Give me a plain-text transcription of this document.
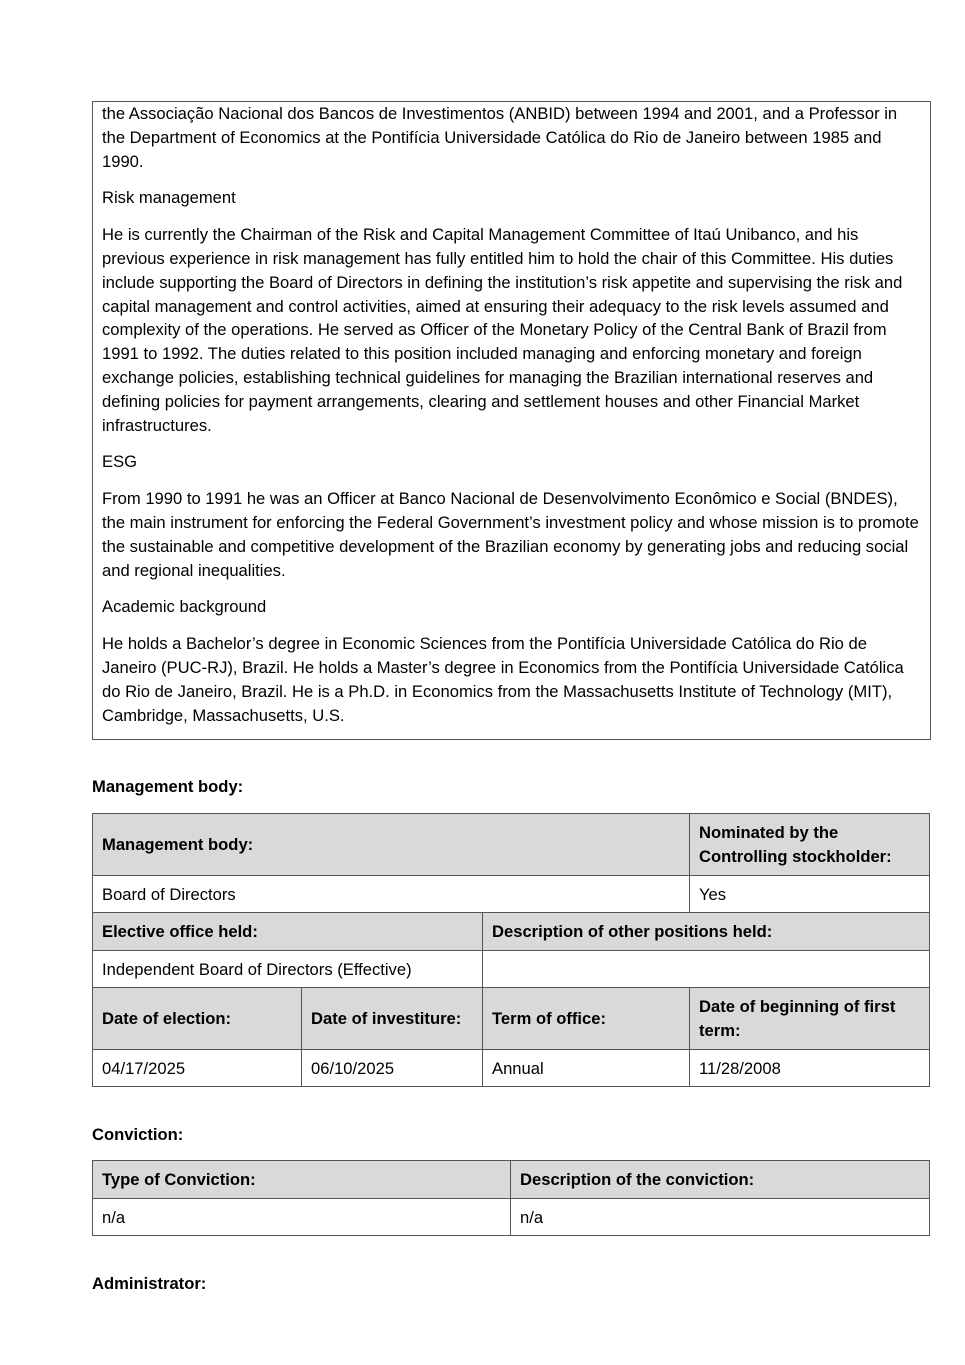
the Associação Nacional dos Bancos de Investimentos (ANBID) between 1994 and 2001, and a Professor in the Department of Economics at the Pontifícia Universidade Católica do Rio de Janeiro between 1985 and 1990.

Risk management

He is currently the Chairman of the Risk and Capital Management Committee of Itaú Unibanco, and his previous experience in risk management has fully entitled him to hold the chair of this Committee. His duties include supporting the Board of Directors in defining the institution’s risk appetite and supervising the risk and capital management and control activities, aimed at ensuring their adequacy to the risk levels assumed and complexity of the operations. He served as Officer of the Monetary Policy of the Central Bank of Brazil from 1991 to 1992. The duties related to this position included managing and enforcing monetary and foreign exchange policies, establishing technical guidelines for managing the Brazilian international reserves and defining policies for payment arrangements, clearing and settlement houses and other Financial Market infrastructures.

ESG

From 1990 to 1991 he was an Officer at Banco Nacional de Desenvolvimento Econômico e Social (BNDES), the main instrument for enforcing the Federal Government’s investment policy and whose mission is to promote the sustainable and competitive development of the Brazilian economy by generating jobs and reducing social and regional inequalities.

Academic background

He holds a Bachelor’s degree in Economic Sciences from the Pontifícia Universidade Católica do Rio de Janeiro (PUC-RJ), Brazil. He holds a Master’s degree in Economics from the Pontifícia Universidade Católica do Rio de Janeiro, Brazil. He is a Ph.D. in Economics from the Massachusetts Institute of Technology (MIT), Cambridge, Massachusetts, U.S.

Management body:
Management body:			Nominated by the Controlling stockholder:
Board of Directors			Yes
Elective office held:		Description of other positions held:	
Independent Board of Directors (Effective)			
Date of election:	Date of investiture:	Term of office:	Date of beginning of first term:
04/17/2025	06/10/2025	Annual	11/28/2008
Conviction:
Type of Conviction:	Description of the conviction:
n/a	n/a
Administrator:
